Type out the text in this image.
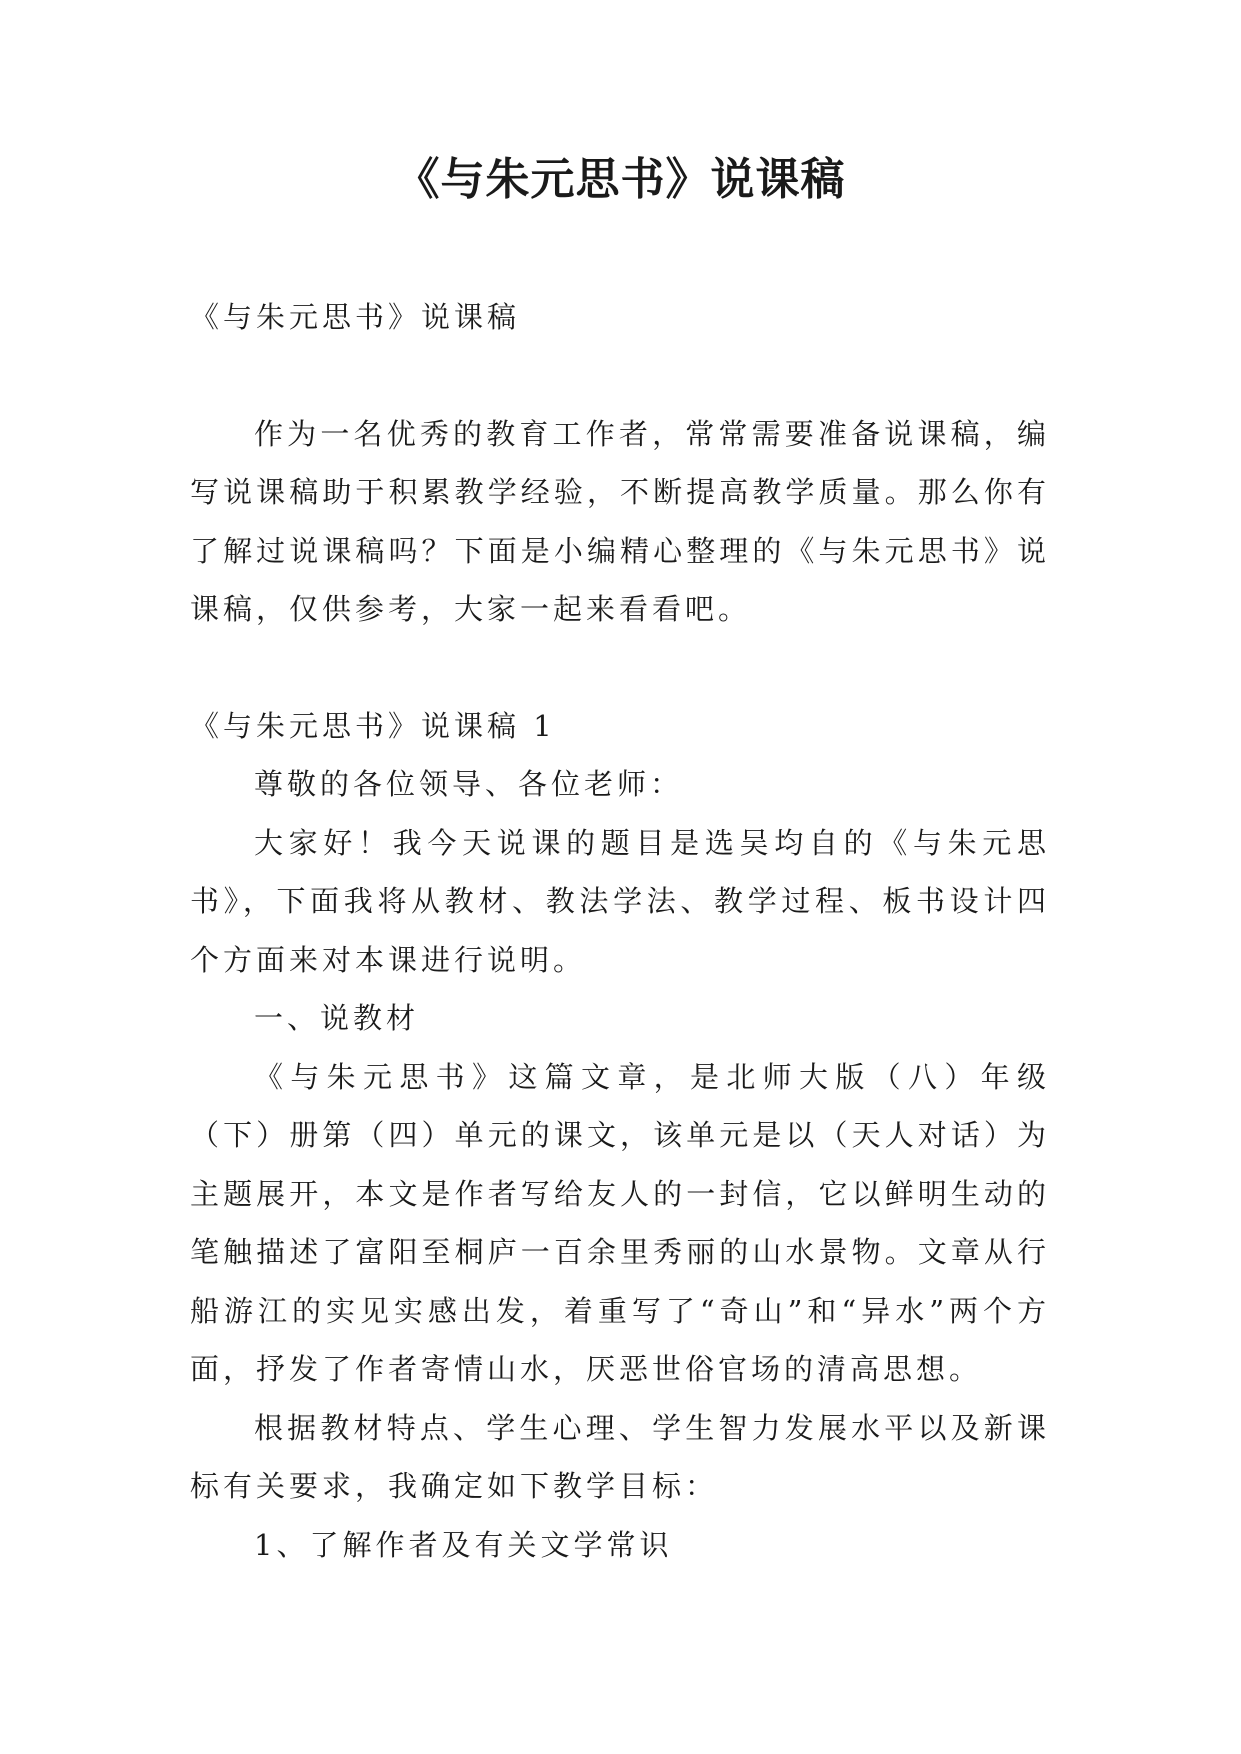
《与朱元思书》说课稿

《与朱元思书》说课稿

作为一名优秀的教育工作者，常常需要准备说课稿，编写说课稿助于积累教学经验，不断提高教学质量。那么你有了解过说课稿吗？下面是小编精心整理的《与朱元思书》说课稿，仅供参考，大家一起来看看吧。

《与朱元思书》说课稿 1

尊敬的各位领导、各位老师：

大家好！我今天说课的题目是选吴均自的《与朱元思书》，下面我将从教材、教法学法、教学过程、板书设计四个方面来对本课进行说明。

一、说教材

《与朱元思书》这篇文章，是北师大版（八）年级（下）册第（四）单元的课文，该单元是以（天人对话）为主题展开，本文是作者写给友人的一封信，它以鲜明生动的笔触描述了富阳至桐庐一百余里秀丽的山水景物。文章从行船游江的实见实感出发，着重写了“奇山”和“异水”两个方面，抒发了作者寄情山水，厌恶世俗官场的清高思想。

根据教材特点、学生心理、学生智力发展水平以及新课标有关要求，我确定如下教学目标：

1、了解作者及有关文学常识
